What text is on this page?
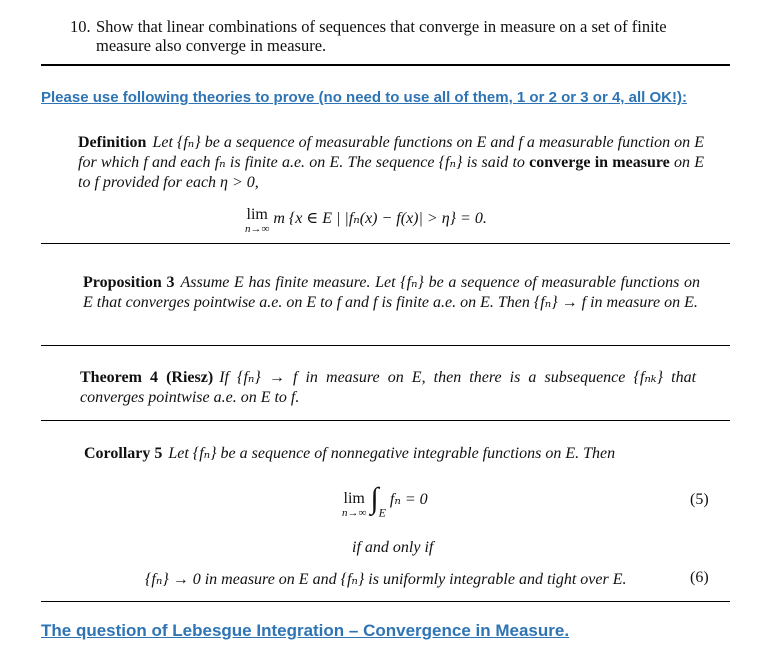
10. Show that linear combinations of sequences that converge in measure on a set of finite measure also converge in measure.
Please use following theories to prove (no need to use all of them, 1 or 2 or 3 or 4, all OK!):
Definition Let {fₙ} be a sequence of measurable functions on E and f a measurable function on E for which f and each fₙ is finite a.e. on E. The sequence {fₙ} is said to converge in measure on E to f provided for each η > 0,
lim
n→∞
m {x ∈ E | |fₙ(x) − f(x)| > η} = 0.
Proposition 3 Assume E has finite measure. Let {fₙ} be a sequence of measurable functions on E that converges pointwise a.e. on E to f and f is finite a.e. on E. Then {fₙ} → f in measure on E.
Theorem 4 (Riesz) If {fₙ} → f in measure on E, then there is a subsequence {fₙₖ} that converges pointwise a.e. on E to f.
Corollary 5 Let {fₙ} be a sequence of nonnegative integrable functions on E. Then
lim
n→∞ $\int_E$ fₙ = 0	(5)
if and only if
{fₙ} → 0 in measure on E and {fₙ} is uniformly integrable and tight over E.	(6)
The question of Lebesgue Integration – Convergence in Measure.
